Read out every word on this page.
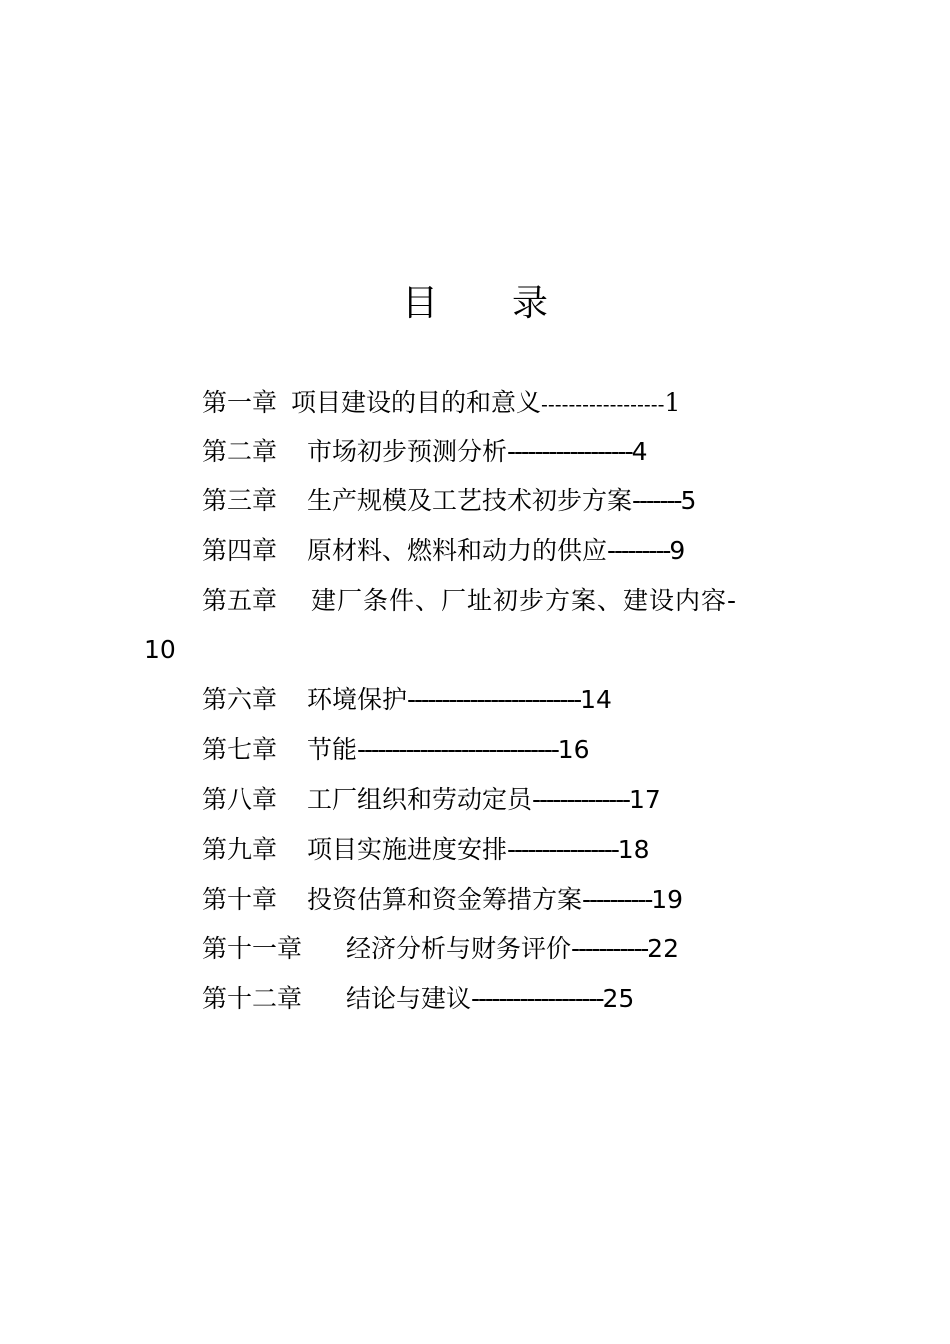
目 录
第一章 项目建设的目的和意义------------------1
第二章 市场初步预测分析------------------4
第三章 生产规模及工艺技术初步方案-------5
第四章 原材料、燃料和动力的供应---------9
第五章 建厂条件、厂址初步方案、建设内容-
10
第六章 环境保护-------------------------14
第七章 节能-----------------------------16
第八章 工厂组织和劳动定员--------------17
第九章 项目实施进度安排----------------18
第十章 投资估算和资金筹措方案----------19
第十一章 经济分析与财务评价-----------22
第十二章 结论与建议-------------------25
